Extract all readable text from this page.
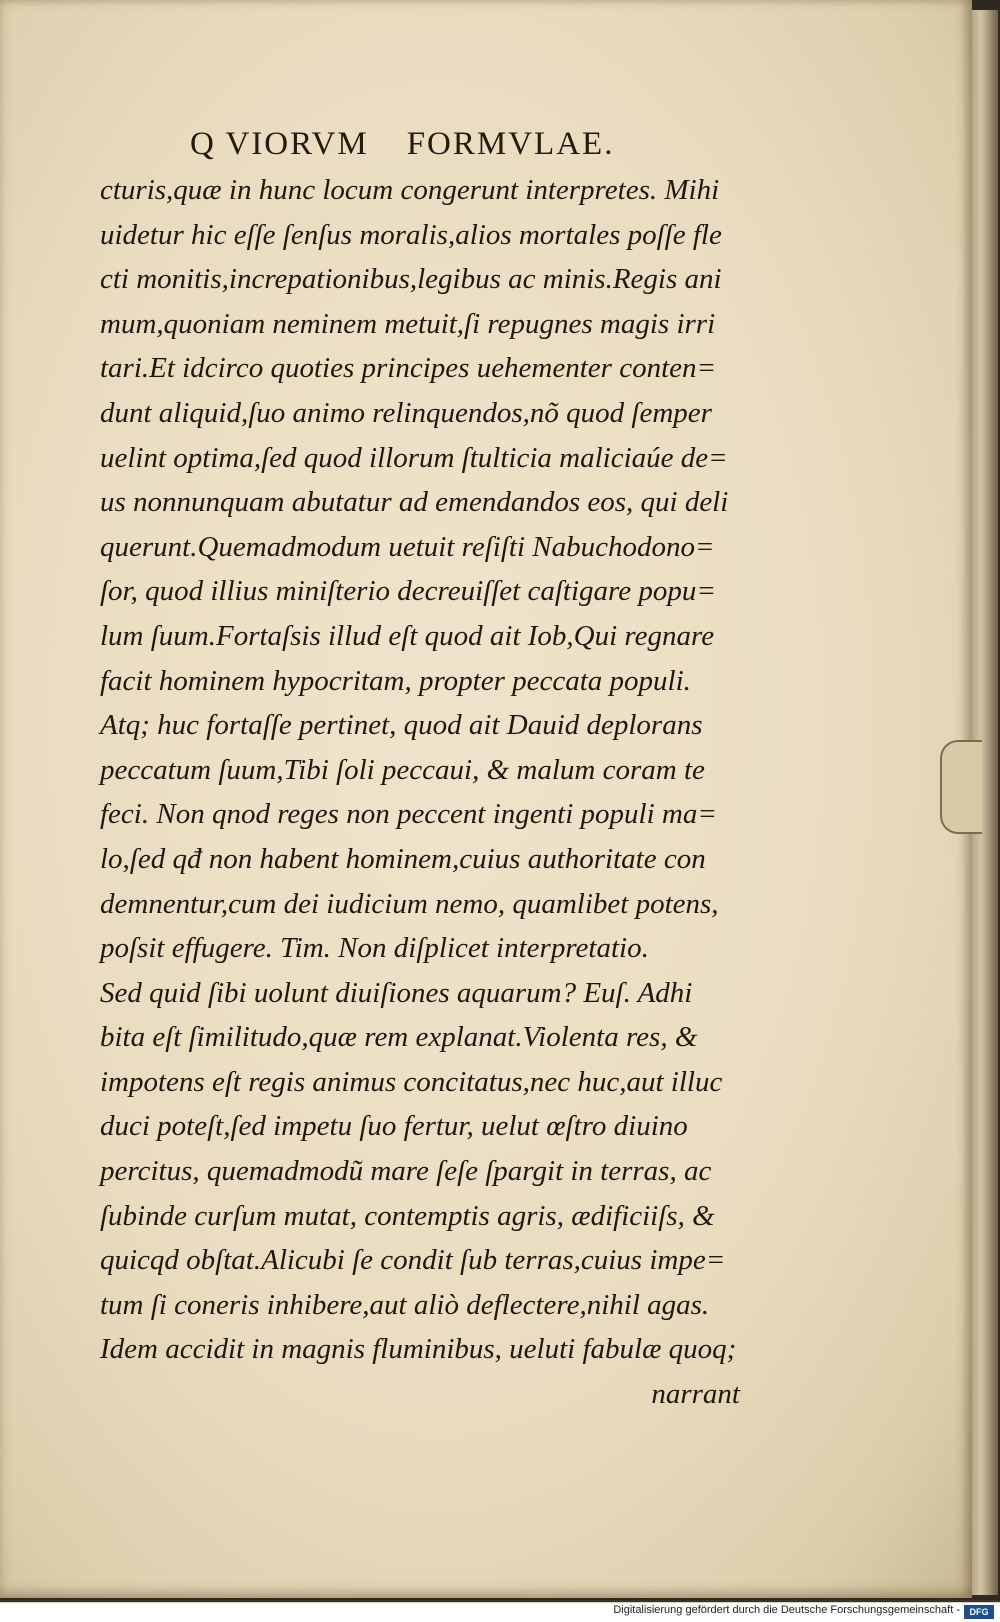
Q VIORVM FORMVLAE.
cturis,quæ in hunc locum congerunt interpretes. Mihi
uidetur hic eſſe ſenſus moralis,alios mortales poſſe fle
cti monitis,increpationibus,legibus ac minis.Regis ani
mum,quoniam neminem metuit,ſi repugnes magis irri
tari.Et idcirco quoties principes uehementer conten=
dunt aliquid,ſuo animo relinquendos,nõ quod ſemper
uelint optima,ſed quod illorum ſtulticia maliciaúe de=
us nonnunquam abutatur ad emendandos eos, qui deli
querunt.Quemadmodum uetuit reſiſti Nabuchodono=
ſor, quod illius miniſterio decreuiſſet caſtigare popu=
lum ſuum.Fortaſsis illud eſt quod ait Iob,Qui regnare
facit hominem hypocritam, propter peccata populi.
Atq; huc fortaſſe pertinet, quod ait Dauid deplorans
peccatum ſuum,Tibi ſoli peccaui, & malum coram te
feci. Non qnod reges non peccent ingenti populi ma=
lo,ſed qđ non habent hominem,cuius authoritate con
demnentur,cum dei iudicium nemo, quamlibet potens,
poſsit effugere. Tim. Non diſplicet interpretatio.
Sed quid ſibi uolunt diuiſiones aquarum? Euſ. Adhi
bita eſt ſimilitudo,quæ rem explanat.Violenta res, &
impotens eſt regis animus concitatus,nec huc,aut illuc
duci poteſt,ſed impetu ſuo fertur, uelut œſtro diuino
percitus, quemadmodũ mare ſeſe ſpargit in terras, ac
ſubinde curſum mutat, contemptis agris, ædificiiſs, &
quicqd obſtat.Alicubi ſe condit ſub terras,cuius impe=
tum ſi coneris inhibere,aut aliò deflectere,nihil agas.
Idem accidit in magnis fluminibus, ueluti fabulæ quoq;
narrant
Digitalisierung gefördert durch die Deutsche Forschungsgemeinschaft -	DFG
